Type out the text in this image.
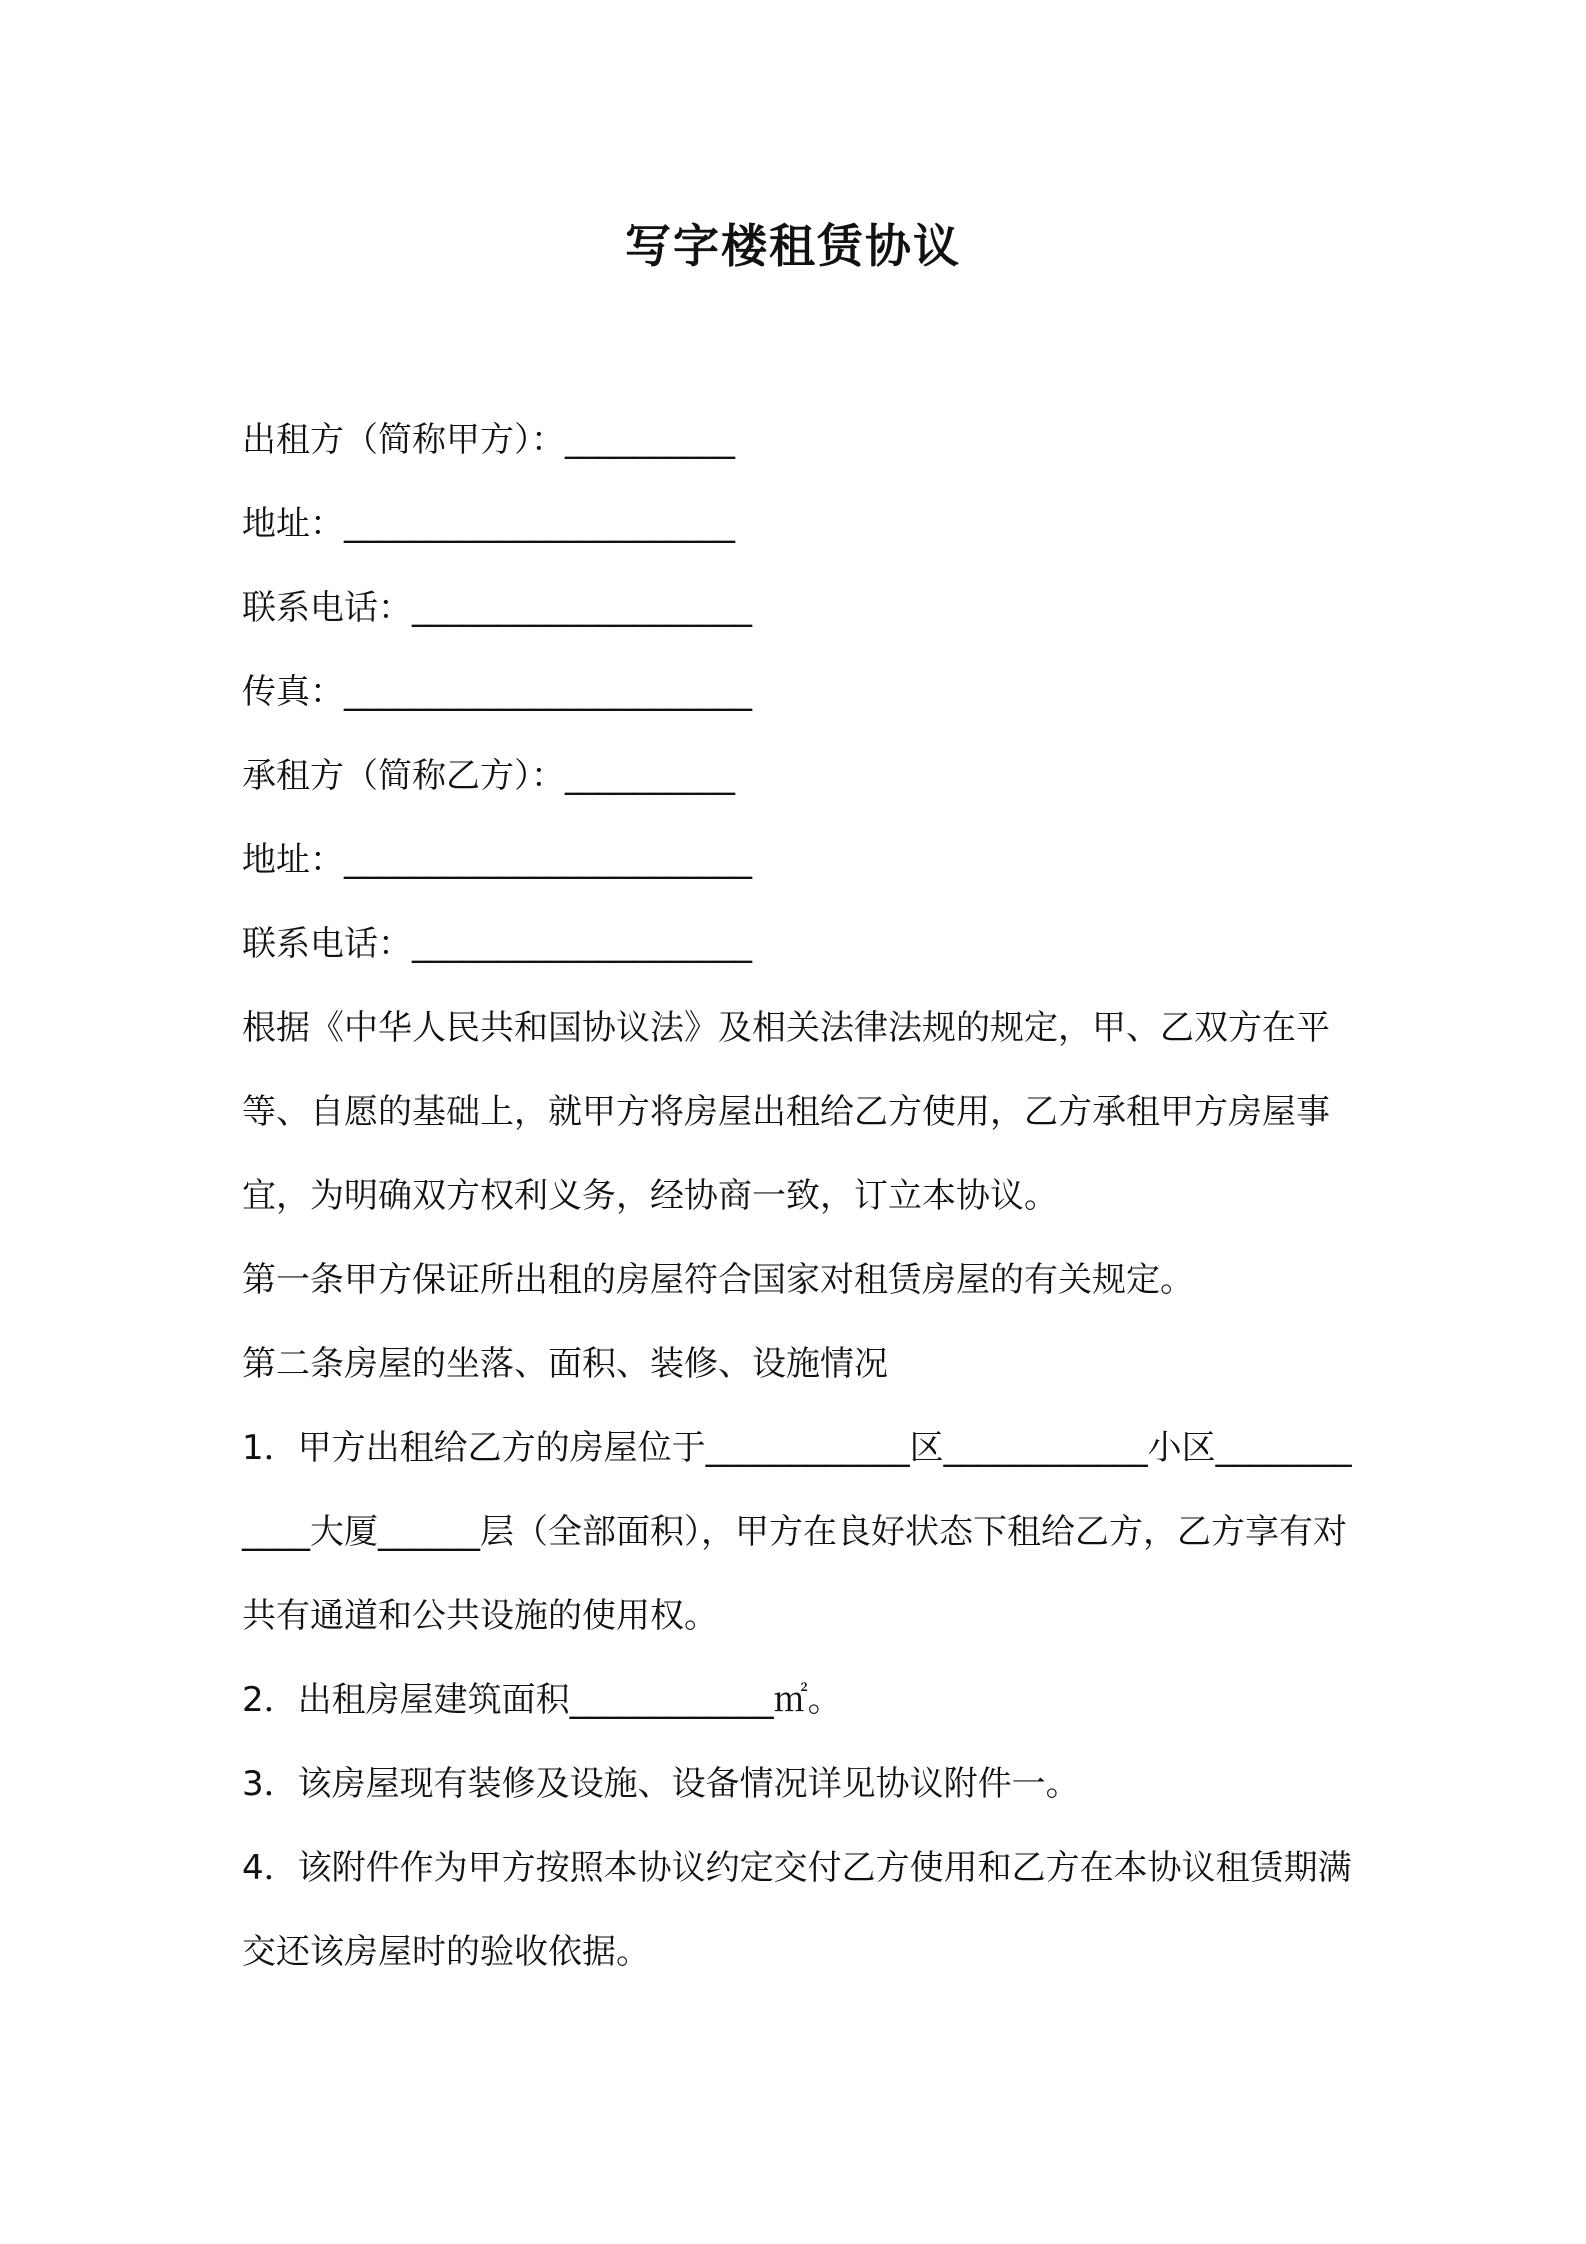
写字楼租赁协议

出租方（简称甲方）：__________

地址：_______________________

联系电话：____________________

传真：________________________

承租方（简称乙方）：__________

地址：________________________

联系电话：____________________

根据《中华人民共和国协议法》及相关法律法规的规定，甲、乙双方在平等、自愿的基础上，就甲方将房屋出租给乙方使用，乙方承租甲方房屋事宜，为明确双方权利义务，经协商一致，订立本协议。

第一条甲方保证所出租的房屋符合国家对租赁房屋的有关规定。

第二条房屋的坐落、面积、装修、设施情况

1．甲方出租给乙方的房屋位于____________区____________小区____________大厦______层（全部面积），甲方在良好状态下租给乙方，乙方享有对共有通道和公共设施的使用权。

2．出租房屋建筑面积____________㎡。

3．该房屋现有装修及设施、设备情况详见协议附件一。

4．该附件作为甲方按照本协议约定交付乙方使用和乙方在本协议租赁期满交还该房屋时的验收依据。
